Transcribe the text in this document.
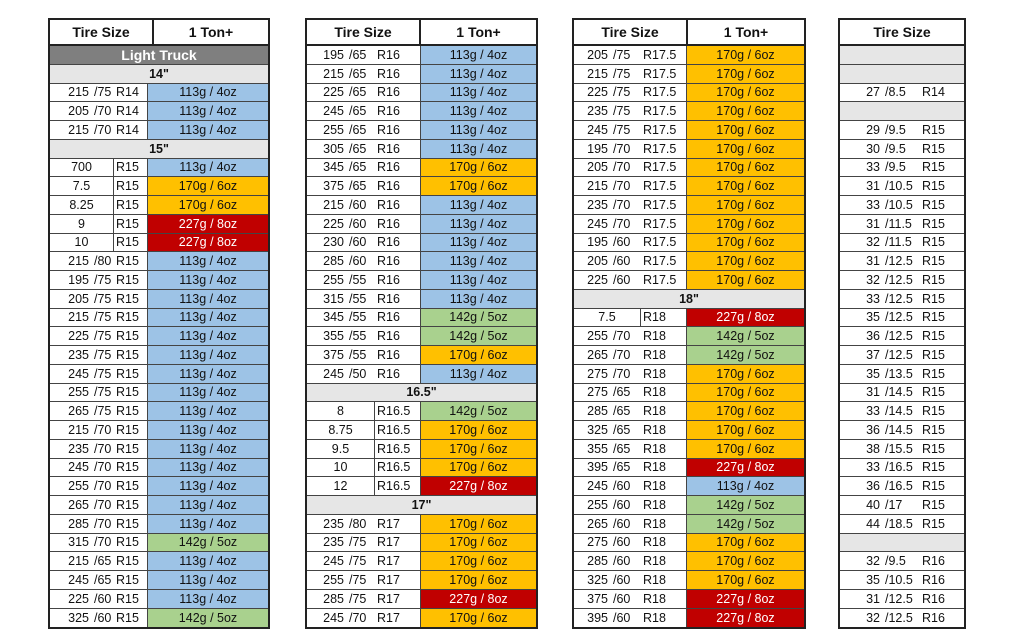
Tire Size	1 Ton+
Light Truck
14"
215 /75 R14	113g / 4oz
205 /70 R14	113g / 4oz
215 /70 R14	113g / 4oz
15"
700	R15	113g / 4oz
7.5	R15	170g / 6oz
8.25	R15	170g / 6oz
9	R15	227g / 8oz
10	R15	227g / 8oz
215 /80 R15	113g / 4oz
195 /75 R15	113g / 4oz
205 /75 R15	113g / 4oz
215 /75 R15	113g / 4oz
225 /75 R15	113g / 4oz
235 /75 R15	113g / 4oz
245 /75 R15	113g / 4oz
255 /75 R15	113g / 4oz
265 /75 R15	113g / 4oz
215 /70 R15	113g / 4oz
235 /70 R15	113g / 4oz
245 /70 R15	113g / 4oz
255 /70 R15	113g / 4oz
265 /70 R15	113g / 4oz
285 /70 R15	113g / 4oz
315 /70 R15	142g / 5oz
215 /65 R15	113g / 4oz
245 /65 R15	113g / 4oz
225 /60 R15	113g / 4oz
325 /60 R15	142g / 5oz
Tire Size	1 Ton+
195 /65 R16	113g / 4oz
215 /65 R16	113g / 4oz
225 /65 R16	113g / 4oz
245 /65 R16	113g / 4oz
255 /65 R16	113g / 4oz
305 /65 R16	113g / 4oz
345 /65 R16	170g / 6oz
375 /65 R16	170g / 6oz
215 /60 R16	113g / 4oz
225 /60 R16	113g / 4oz
230 /60 R16	113g / 4oz
285 /60 R16	113g / 4oz
255 /55 R16	113g / 4oz
315 /55 R16	113g / 4oz
345 /55 R16	142g / 5oz
355 /55 R16	142g / 5oz
375 /55 R16	170g / 6oz
245 /50 R16	113g / 4oz
16.5"
8	R16.5	142g / 5oz
8.75	R16.5	170g / 6oz
9.5	R16.5	170g / 6oz
10	R16.5	170g / 6oz
12	R16.5	227g / 8oz
17"
235 /80 R17	170g / 6oz
235 /75 R17	170g / 6oz
245 /75 R17	170g / 6oz
255 /75 R17	170g / 6oz
285 /75 R17	227g / 8oz
245 /70 R17	170g / 6oz
Tire Size	1 Ton+
205 /75	R17.5	170g / 6oz
215 /75	R17.5	170g / 6oz
225 /75	R17.5	170g / 6oz
235 /75	R17.5	170g / 6oz
245 /75	R17.5	170g / 6oz
195 /70	R17.5	170g / 6oz
205 /70	R17.5	170g / 6oz
215 /70	R17.5	170g / 6oz
235 /70	R17.5	170g / 6oz
245 /70	R17.5	170g / 6oz
195 /60	R17.5	170g / 6oz
205 /60	R17.5	170g / 6oz
225 /60	R17.5	170g / 6oz
18"
7.5	R18	227g / 8oz
255 /70	R18	142g / 5oz
265 /70	R18	142g / 5oz
275 /70	R18	170g / 6oz
275 /65	R18	170g / 6oz
285 /65	R18	170g / 6oz
325 /65	R18	170g / 6oz
355 /65	R18	170g / 6oz
395 /65	R18	227g / 8oz
245 /60	R18	113g / 4oz
255 /60	R18	142g / 5oz
265 /60	R18	142g / 5oz
275 /60	R18	170g / 6oz
285 /60	R18	170g / 6oz
325 /60	R18	170g / 6oz
375 /60	R18	227g / 8oz
395 /60	R18	227g / 8oz
Tire Size
27 /8.5	R14
29 /9.5	R15
30 /9.5	R15
33 /9.5	R15
31 /10.5 R15
33 /10.5 R15
31 /11.5 R15
32 /11.5 R15
31 /12.5 R15
32 /12.5 R15
33 /12.5 R15
35 /12.5 R15
36 /12.5 R15
37 /12.5 R15
35 /13.5 R15
31 /14.5 R15
33 /14.5 R15
36 /14.5 R15
38 /15.5 R15
33 /16.5 R15
36 /16.5 R15
40 /17	R15
44 /18.5 R15
32 /9.5	R16
35 /10.5 R16
31 /12.5 R16
32 /12.5 R16
